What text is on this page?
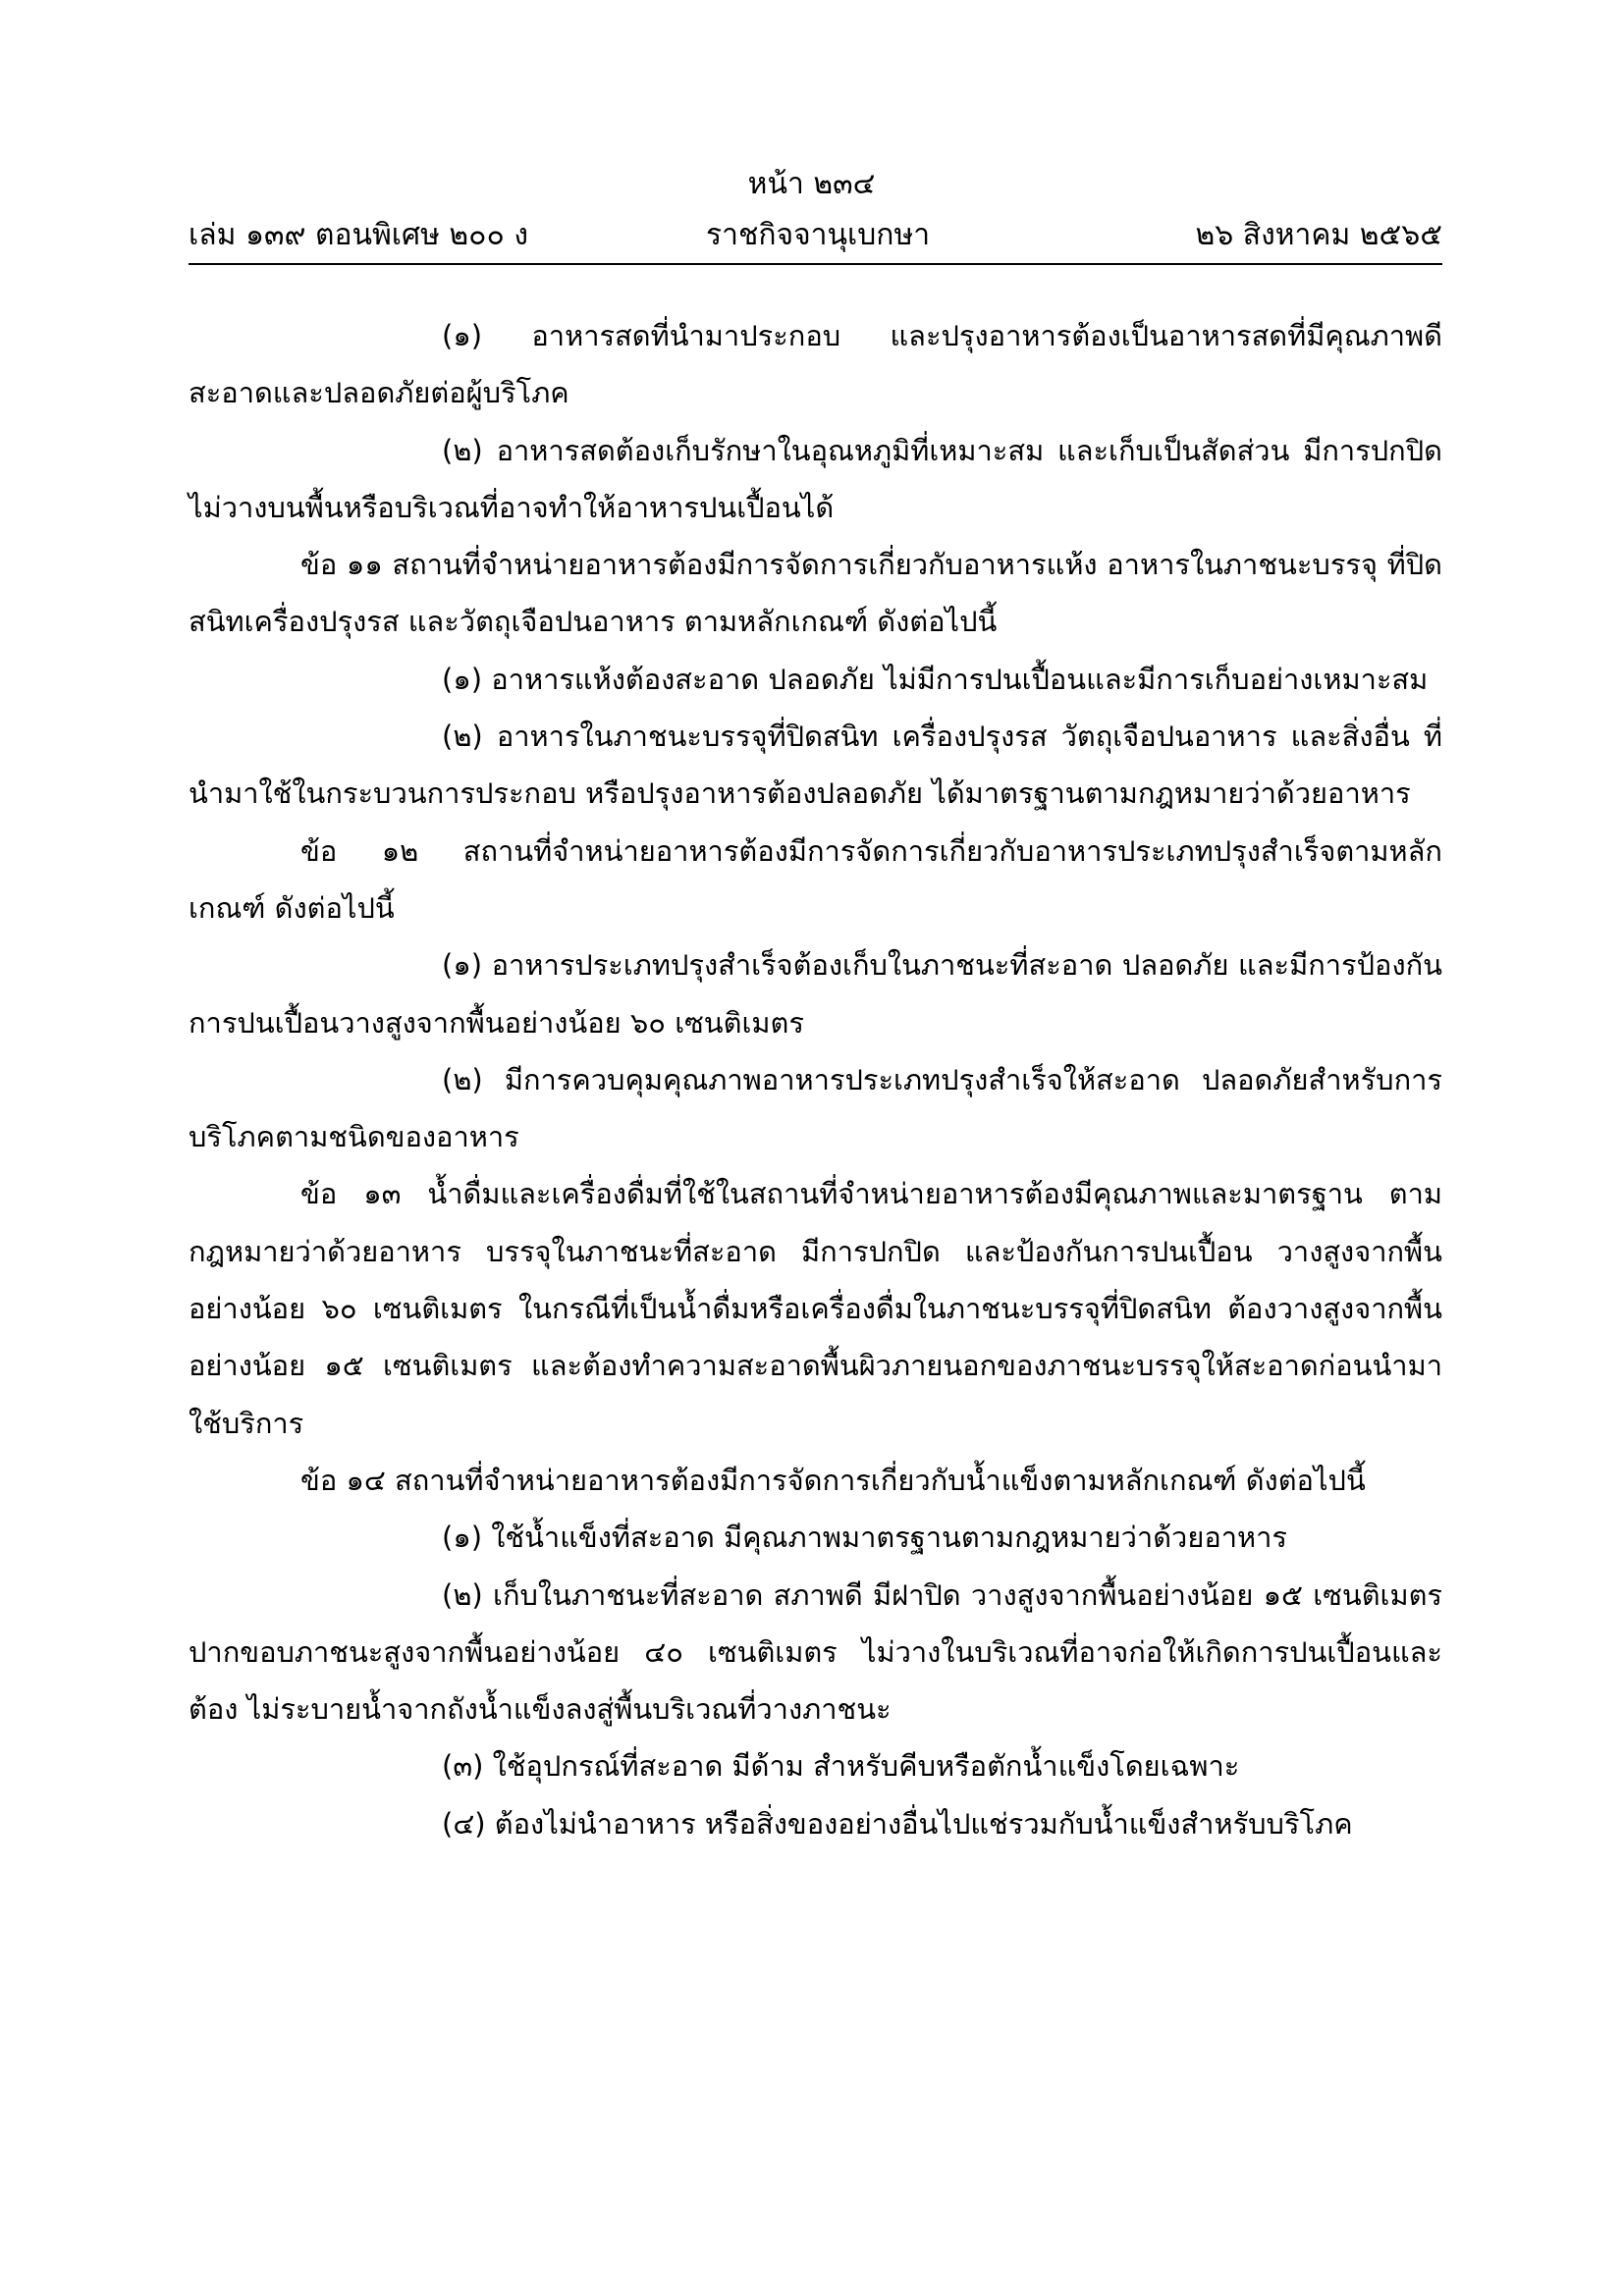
หน้า ๒๓๔
เล่ม ๑๓๙ ตอนพิเศษ ๒๐๐ ง	ราชกิจจานุเบกษา	๒๖ สิงหาคม ๒๕๖๕

(๑) อาหารสดที่นำมาประกอบ และปรุงอาหารต้องเป็นอาหารสดที่มีคุณภาพดี สะอาดและปลอดภัยต่อผู้บริโภค

(๒) อาหารสดต้องเก็บรักษาในอุณหภูมิที่เหมาะสม และเก็บเป็นสัดส่วน มีการปกปิด ไม่วางบนพื้นหรือบริเวณที่อาจทำให้อาหารปนเปื้อนได้

ข้อ ๑๑ สถานที่จำหน่ายอาหารต้องมีการจัดการเกี่ยวกับอาหารแห้ง อาหารในภาชนะบรรจุ ที่ปิดสนิทเครื่องปรุงรส และวัตถุเจือปนอาหาร ตามหลักเกณฑ์ ดังต่อไปนี้

(๑) อาหารแห้งต้องสะอาด ปลอดภัย ไม่มีการปนเปื้อนและมีการเก็บอย่างเหมาะสม

(๒) อาหารในภาชนะบรรจุที่ปิดสนิท เครื่องปรุงรส วัตถุเจือปนอาหาร และสิ่งอื่น ที่นำมาใช้ในกระบวนการประกอบ หรือปรุงอาหารต้องปลอดภัย ได้มาตรฐานตามกฎหมายว่าด้วยอาหาร

ข้อ ๑๒ สถานที่จำหน่ายอาหารต้องมีการจัดการเกี่ยวกับอาหารประเภทปรุงสำเร็จตามหลักเกณฑ์ ดังต่อไปนี้

(๑) อาหารประเภทปรุงสำเร็จต้องเก็บในภาชนะที่สะอาด ปลอดภัย และมีการป้องกัน การปนเปื้อนวางสูงจากพื้นอย่างน้อย ๖๐ เซนติเมตร

(๒) มีการควบคุมคุณภาพอาหารประเภทปรุงสำเร็จให้สะอาด ปลอดภัยสำหรับการ บริโภคตามชนิดของอาหาร

ข้อ ๑๓ น้ำดื่มและเครื่องดื่มที่ใช้ในสถานที่จำหน่ายอาหารต้องมีคุณภาพและมาตรฐาน ตามกฎหมายว่าด้วยอาหาร บรรจุในภาชนะที่สะอาด มีการปกปิด และป้องกันการปนเปื้อน วางสูงจากพื้น อย่างน้อย ๖๐ เซนติเมตร ในกรณีที่เป็นน้ำดื่มหรือเครื่องดื่มในภาชนะบรรจุที่ปิดสนิท ต้องวางสูงจากพื้น อย่างน้อย ๑๕ เซนติเมตร และต้องทำความสะอาดพื้นผิวภายนอกของภาชนะบรรจุให้สะอาดก่อนนำมาใช้บริการ

ข้อ ๑๔ สถานที่จำหน่ายอาหารต้องมีการจัดการเกี่ยวกับน้ำแข็งตามหลักเกณฑ์ ดังต่อไปนี้

(๑) ใช้น้ำแข็งที่สะอาด มีคุณภาพมาตรฐานตามกฎหมายว่าด้วยอาหาร

(๒) เก็บในภาชนะที่สะอาด สภาพดี มีฝาปิด วางสูงจากพื้นอย่างน้อย ๑๕ เซนติเมตร ปากขอบภาชนะสูงจากพื้นอย่างน้อย ๔๐ เซนติเมตร ไม่วางในบริเวณที่อาจก่อให้เกิดการปนเปื้อนและต้อง ไม่ระบายน้ำจากถังน้ำแข็งลงสู่พื้นบริเวณที่วางภาชนะ

(๓) ใช้อุปกรณ์ที่สะอาด มีด้าม สำหรับคีบหรือตักน้ำแข็งโดยเฉพาะ

(๔) ต้องไม่นำอาหาร หรือสิ่งของอย่างอื่นไปแช่รวมกับน้ำแข็งสำหรับบริโภค
